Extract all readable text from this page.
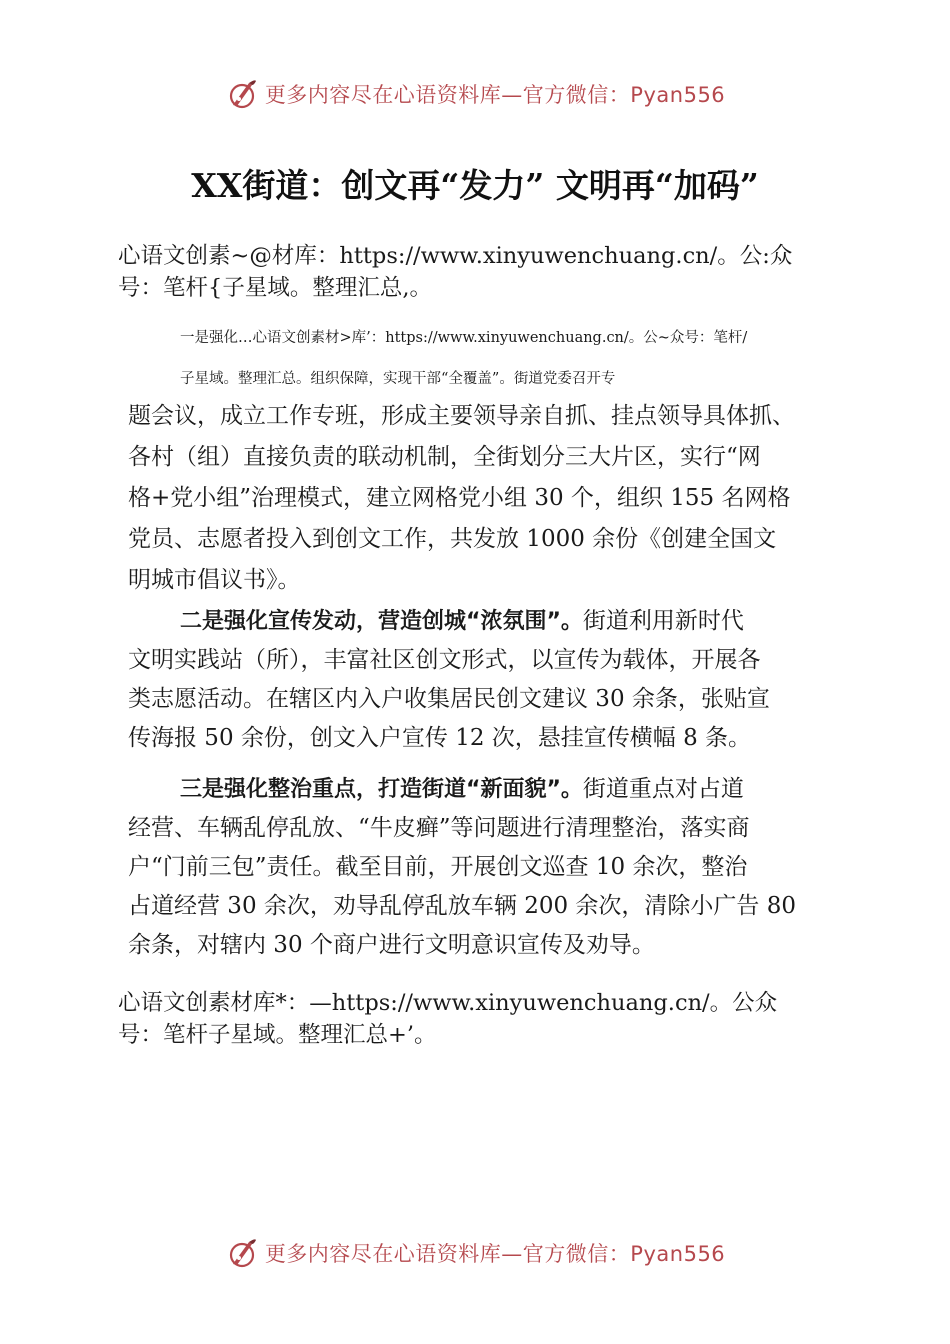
更多内容尽在心语资料库—官方微信：Pyan556
XX街道：创文再“发力” 文明再“加码”

心语文创素~@材库：https://www.xinyuwenchuang.cn/。公:众
号：笔杆{子星域。整理汇总,。

一是强化…心语文创素材>库’：https://www.xinyuwenchuang.cn/。公~众号：笔杆/
子星域。整理汇总。组织保障，实现干部“全覆盖”。街道党委召开专

题会议，成立工作专班，形成主要领导亲自抓、挂点领导具体抓、
各村（组）直接负责的联动机制，全街划分三大片区，实行“网
格+党小组”治理模式，建立网格党小组 30 个，组织 155 名网格
党员、志愿者投入到创文工作，共发放 1000 余份《创建全国文
明城市倡议书》。

二是强化宣传发动，营造创城“浓氛围”。街道利用新时代
文明实践站（所），丰富社区创文形式，以宣传为载体，开展各
类志愿活动。在辖区内入户收集居民创文建议 30 余条，张贴宣
传海报 50 余份，创文入户宣传 12 次，悬挂宣传横幅 8 条。

三是强化整治重点，打造街道“新面貌”。街道重点对占道
经营、车辆乱停乱放、“牛皮癣”等问题进行清理整治，落实商
户“门前三包”责任。截至目前，开展创文巡查 10 余次，整治
占道经营 30 余次，劝导乱停乱放车辆 200 余次，清除小广告 80
余条，对辖内 30 个商户进行文明意识宣传及劝导。

心语文创素材库*：—https://www.xinyuwenchuang.cn/。公众
号：笔杆子星域。整理汇总+’。

更多内容尽在心语资料库—官方微信：Pyan556
